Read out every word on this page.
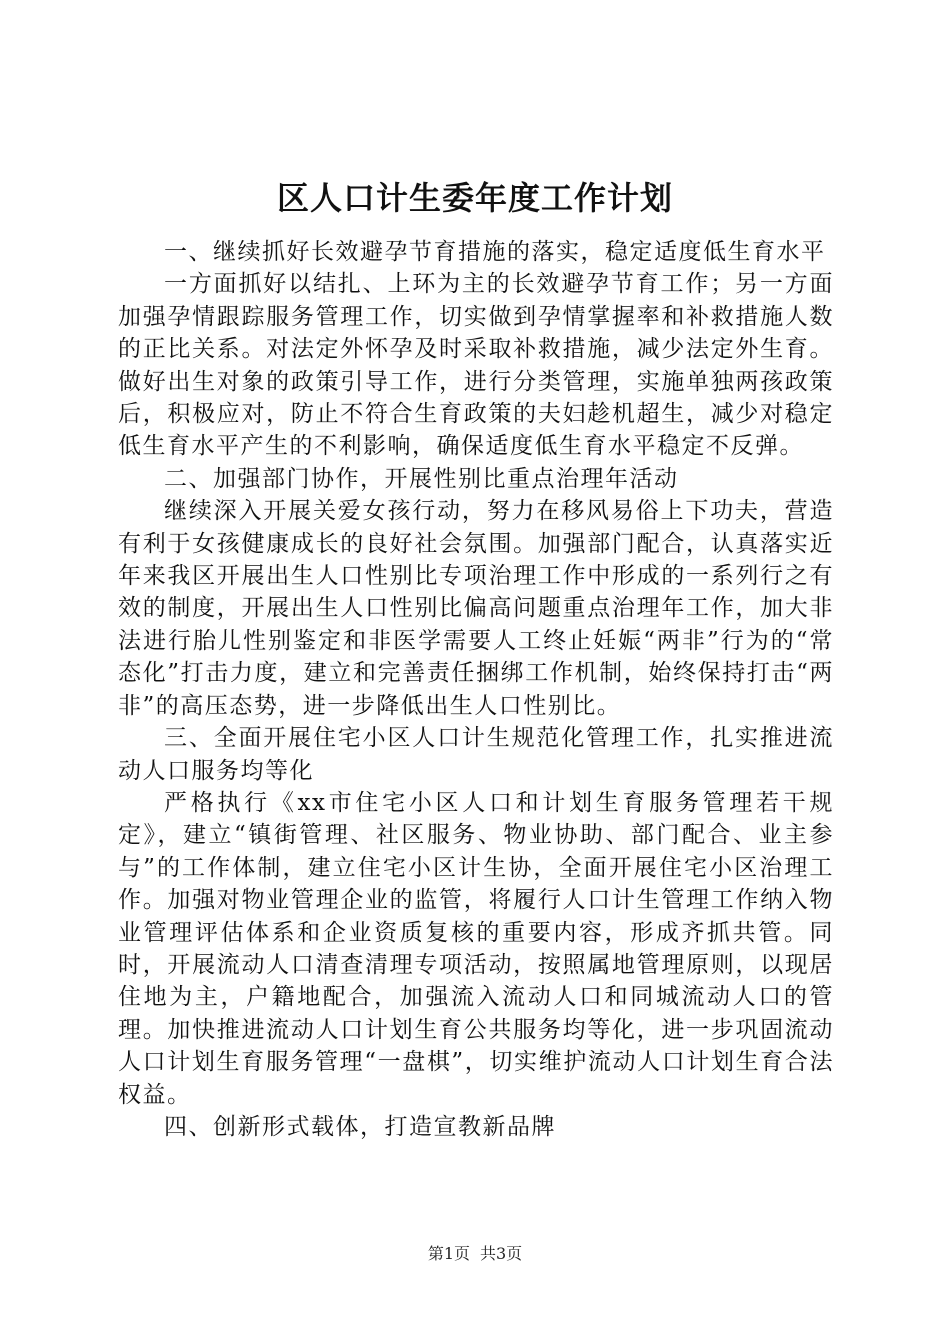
区人口计生委年度工作计划

一、继续抓好长效避孕节育措施的落实，稳定适度低生育水平

一方面抓好以结扎、上环为主的长效避孕节育工作；另一方面加强孕情跟踪服务管理工作，切实做到孕情掌握率和补救措施人数的正比关系。对法定外怀孕及时采取补救措施，减少法定外生育。做好出生对象的政策引导工作，进行分类管理，实施单独两孩政策后，积极应对，防止不符合生育政策的夫妇趁机超生，减少对稳定低生育水平产生的不利影响，确保适度低生育水平稳定不反弹。

二、加强部门协作，开展性别比重点治理年活动

继续深入开展关爱女孩行动，努力在移风易俗上下功夫，营造有利于女孩健康成长的良好社会氛围。加强部门配合，认真落实近年来我区开展出生人口性别比专项治理工作中形成的一系列行之有效的制度，开展出生人口性别比偏高问题重点治理年工作，加大非法进行胎儿性别鉴定和非医学需要人工终止妊娠“两非”行为的“常态化”打击力度，建立和完善责任捆绑工作机制，始终保持打击“两非”的高压态势，进一步降低出生人口性别比。

三、全面开展住宅小区人口计生规范化管理工作，扎实推进流动人口服务均等化

严格执行《xx市住宅小区人口和计划生育服务管理若干规定》，建立“镇街管理、社区服务、物业协助、部门配合、业主参与”的工作体制，建立住宅小区计生协，全面开展住宅小区治理工作。加强对物业管理企业的监管，将履行人口计生管理工作纳入物业管理评估体系和企业资质复核的重要内容，形成齐抓共管。同时，开展流动人口清查清理专项活动，按照属地管理原则，以现居住地为主，户籍地配合，加强流入流动人口和同城流动人口的管理。加快推进流动人口计划生育公共服务均等化，进一步巩固流动人口计划生育服务管理“一盘棋”，切实维护流动人口计划生育合法权益。

四、创新形式载体，打造宣教新品牌

第1页 共3页
